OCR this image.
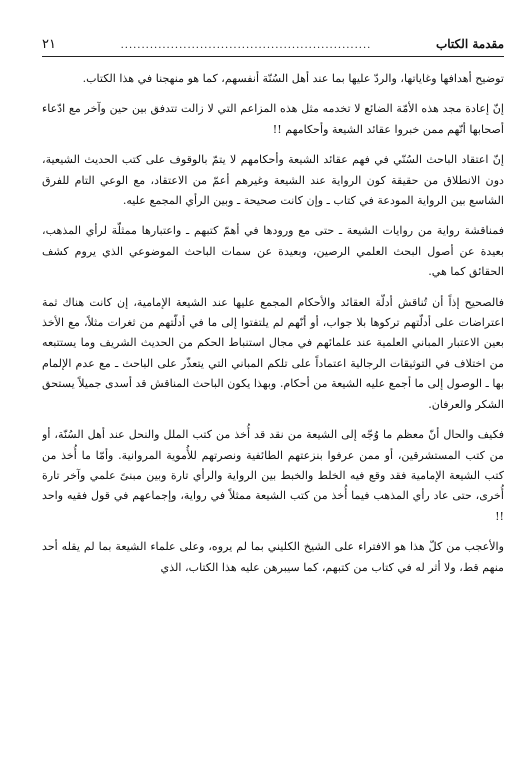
مقدمة الكتاب
............................................................
٢١

توضيح أهدافها وغاياتها، والردّ عليها بما عند أهل السُنّة أنفسهم، كما هو منهجنا في هذا الكتاب.

إنّ إعادة مجد هذه الأمّة الضائع لا تخدمه مثل هذه المزاعم التي لا زالت تتدفق بين حين وآخر مع ادّعاء أصحابها أنّهم ممن خبروا عقائد الشيعة وأحكامهم !!

إنّ اعتقاد الباحث السُنّي في فهم عقائد الشيعة وأحكامهم لا يتمّ بالوقوف على كتب الحديث الشيعية، دون الانطلاق من حقيقة كون الرواية عند الشيعة وغيرهم أعمّ من الاعتقاد، مع الوعي التام للفرق الشاسع بين الرواية المودعة في كتاب ـ وإن كانت صحيحة ـ وبين الرأي المجمع عليه.

فمناقشة رواية من روايات الشيعة ـ حتى مع ورودها في أهمّ كتبهم ـ واعتبارها ممثلّة لرأي المذهب، بعيدة عن أصول البحث العلمي الرصين، وبعيدة عن سمات الباحث الموضوعي الذي يروم كشف الحقائق كما هي.

فالصحيح إذاً أن تُناقش أدلّة العقائد والأحكام المجمع عليها عند الشيعة الإمامية، إن كانت هناك ثمة اعتراضات على أدلّتهم تركوها بلا جواب، أو أنّهم لم يلتفتوا إلى ما في أدلّتهم من ثغرات مثلاً، مع الأخذ بعين الاعتبار المباني العلمية عند علمائهم في مجال استنباط الحكم من الحديث الشريف وما يستتبعه من اختلاف في التوثيقات الرجالية اعتماداً على تلكم المباني التي يتعذّر على الباحث ـ مع عدم الإلمام بها ـ الوصول إلى ما أجمع عليه الشيعة من أحكام. وبهذا يكون الباحث المناقش قد أسدى جميلاً يستحق الشكر والعرفان.

فكيف والحال أنّ معظم ما وُجّه إلى الشيعة من نقد قد أُخذ من كتب الملل والنحل عند أهل السُنّة، أو من كتب المستشرقين، أو ممن عرفوا بنزعتهم الطائفية ونصرتهم للأُموية المروانية. وأمّا ما أُخذ من كتب الشيعة الإمامية فقد وقع فيه الخلط والخبط بين الرواية والرأي تارة وبين مبنىً علمي وآخر تارة أُخرى، حتى عاد رأي المذهب فيما أُخذ من كتب الشيعة ممثلاً في رواية، وإجماعهم في قول فقيه واحد !!

والأعجب من كلّ هذا هو الافتراء على الشيخ الكليني بما لم يروه، وعلى علماء الشيعة بما لم يقله أحد منهم قط، ولا أثر له في كتاب من كتبهم، كما سيبرهن عليه هذا الكتاب، الذي
